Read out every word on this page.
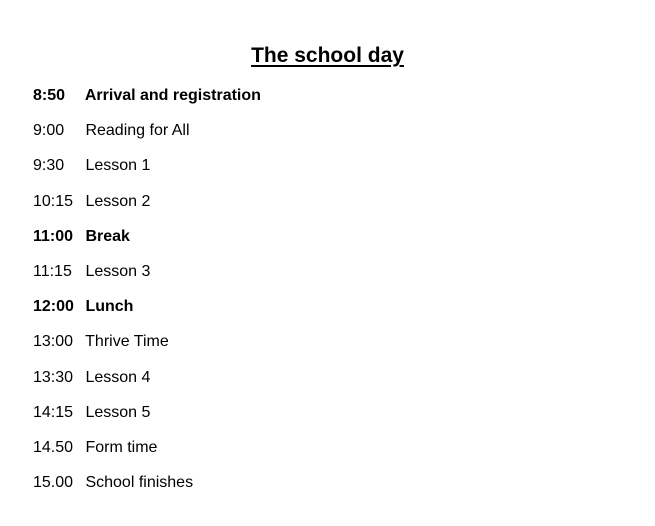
The school day
8:50 Arrival and registration
9:00 Reading for All
9:30 Lesson 1
10:15 Lesson 2
11:00 Break
11:15 Lesson 3
12:00 Lunch
13:00 Thrive Time
13:30 Lesson 4
14:15 Lesson 5
14.50 Form time
15.00 School finishes
